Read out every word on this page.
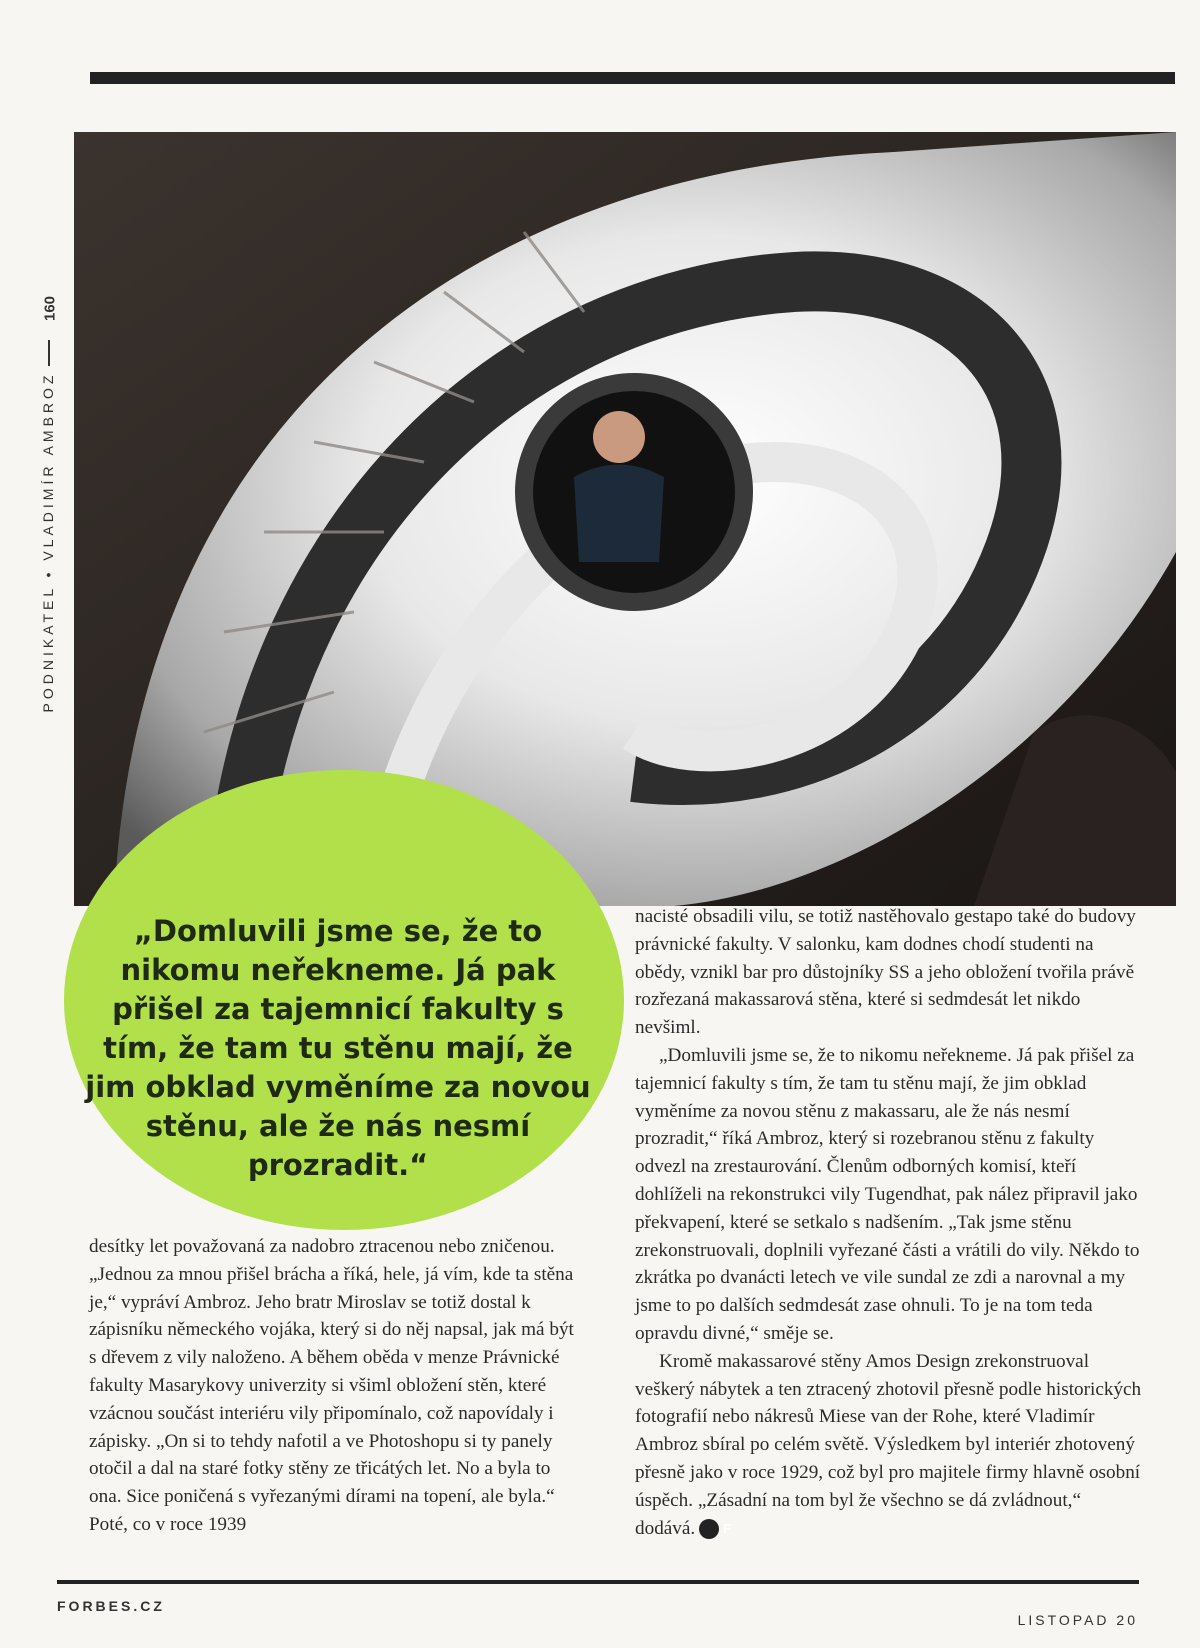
160
PODNIKATEL • VLADIMÍR AMBROZ

„Domluvili jsme se, že to nikomu neřekneme. Já pak přišel za tajemnicí fakulty s tím, že tam tu stěnu mají, že jim obklad vyměníme za novou stěnu, ale že nás nesmí prozradit.“

desítky let považovaná za nadobro ztracenou nebo zničenou. „Jednou za mnou přišel brácha a říká, hele, já vím, kde ta stěna je,“ vypráví Ambroz. Jeho bratr Miroslav se totiž dostal k zápisníku německého vojáka, který si do něj napsal, jak má být s dřevem z vily naloženo. A během oběda v menze Právnické fakulty Masarykovy univerzity si všiml obložení stěn, které vzácnou součást interiéru vily připomínalo, což napovídaly i zápisky. „On si to tehdy nafotil a ve Photoshopu si ty panely otočil a dal na staré fotky stěny ze třicátých let. No a byla to ona. Sice poničená s vyřezanými dírami na topení, ale byla.“ Poté, co v roce 1939

nacisté obsadili vilu, se totiž nastěhovalo gestapo také do budovy právnické fakulty. V salonku, kam dodnes chodí studenti na obědy, vznikl bar pro důstojníky SS a jeho obložení tvořila právě rozřezaná makassarová stěna, které si sedmdesát let nikdo nevšiml.

„Domluvili jsme se, že to nikomu neřekneme. Já pak přišel za tajemnicí fakulty s tím, že tam tu stěnu mají, že jim obklad vyměníme za novou stěnu z makassaru, ale že nás nesmí prozradit,“ říká Ambroz, který si rozebranou stěnu z fakulty odvezl na zrestaurování. Členům odborných komisí, kteří dohlíželi na rekonstrukci vily Tugendhat, pak nález připravil jako překvapení, které se setkalo s nadšením. „Tak jsme stěnu zrekonstruovali, doplnili vyřezané části a vrátili do vily. Někdo to zkrátka po dvanácti letech ve vile sundal ze zdi a narovnal a my jsme to po dalších sedmdesát zase ohnuli. To je na tom teda opravdu divné,“ směje se.

Kromě makassarové stěny Amos Design zrekonstruoval veškerý nábytek a ten ztracený zhotovil přesně podle historických fotografií nebo nákresů Miese van der Rohe, které Vladimír Ambroz sbíral po celém světě. Výsledkem byl interiér zhotovený přesně jako v roce 1929, což byl pro majitele firmy hlavně osobní úspěch. „Zásadní na tom byl že všechno se dá zvládnout,“ dodává. F

FORBES.CZ
LISTOPAD 20
